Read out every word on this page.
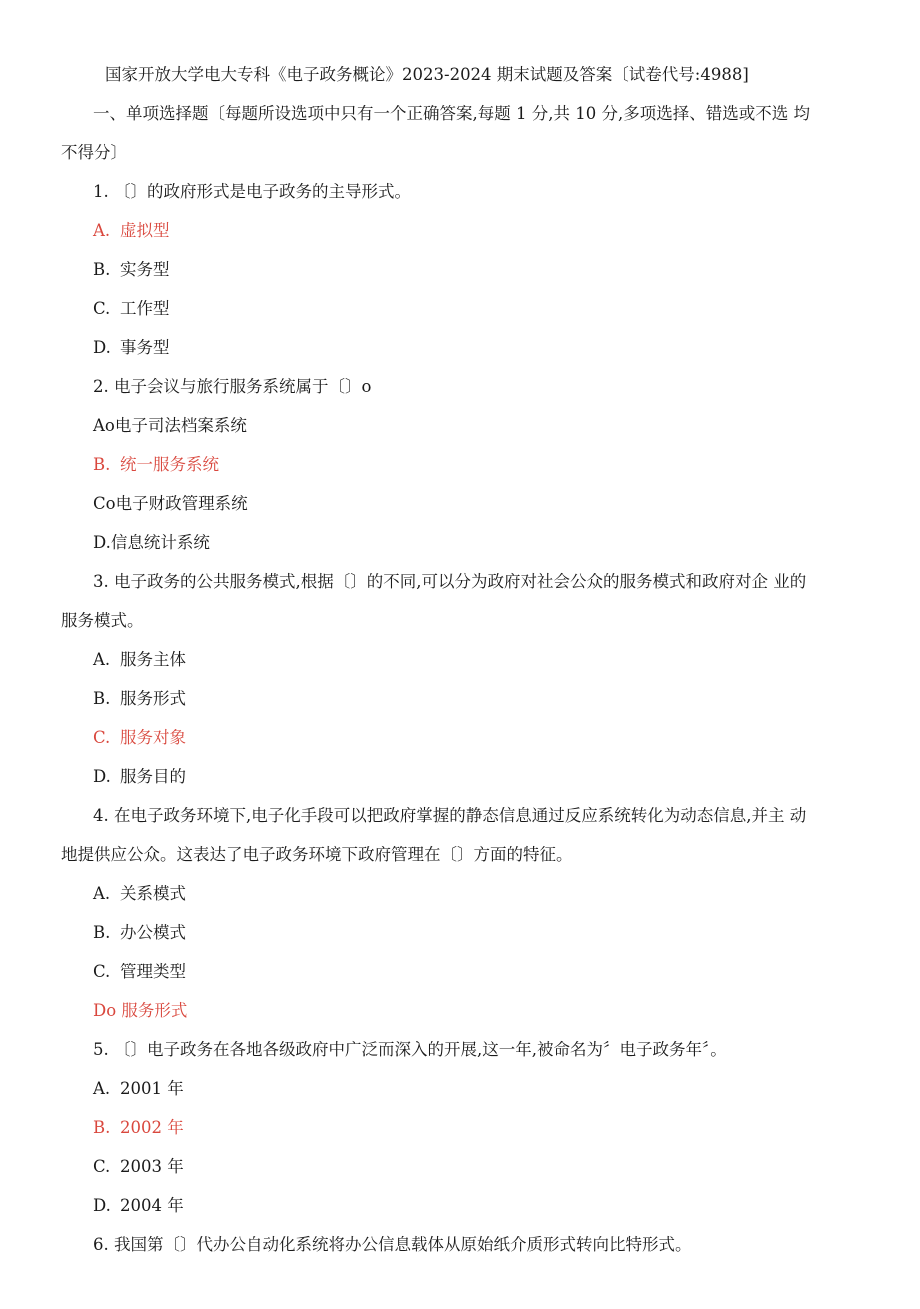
国家开放大学电大专科《电子政务概论》2023-2024 期末试题及答案〔试卷代号:4988]
一、单项选择题〔每题所设选项中只有一个正确答案,每题 1 分,共 10 分,多项选择、错选或不选 均
不得分〕
1. 〔〕的政府形式是电子政务的主导形式。
A. 虚拟型
B. 实务型
C. 工作型
D. 事务型
2. 电子会议与旅行服务系统属于〔〕o
Ao电子司法档案系统
B. 统一服务系统
Co电子财政管理系统
D.信息统计系统
3. 电子政务的公共服务模式,根据〔〕的不同,可以分为政府对社会公众的服务模式和政府对企 业的
服务模式。
A. 服务主体
B. 服务形式
C. 服务对象
D. 服务目的
4. 在电子政务环境下,电子化手段可以把政府掌握的静态信息通过反应系统转化为动态信息,并主 动
地提供应公众。这表达了电子政务环境下政府管理在〔〕方面的特征。
A. 关系模式
B. 办公模式
C. 管理类型
Do 服务形式
5. 〔〕电子政务在各地各级政府中广泛而深入的开展,这一年,被命名为〞电子政务年〞。
A. 2001 年
B. 2002 年
C. 2003 年
D. 2004 年
6. 我国第〔〕代办公自动化系统将办公信息载体从原始纸介质形式转向比特形式。
